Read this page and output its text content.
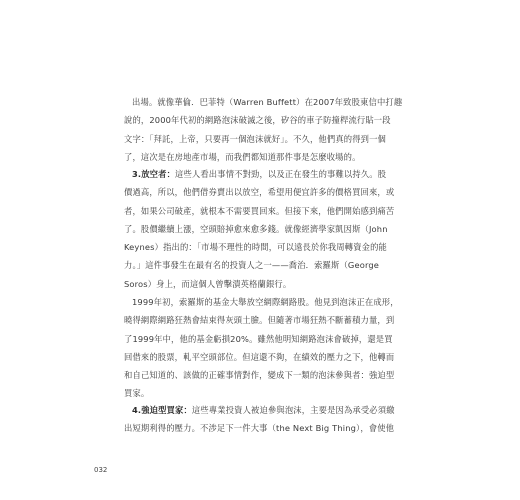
出場。就像華倫．巴菲特（Warren Buffett）在2007年致股東信中打趣
說的，2000年代初的網路泡沫破滅之後，矽谷的車子防撞桿流行貼一段
文字：「拜託，上帝，只要再一個泡沫就好」。不久，他們真的得到一個
了，這次是在房地產市場，而我們都知道那件事是怎麼收場的。
3.放空者：這些人看出事情不對勁，以及正在發生的事難以持久。股
價過高，所以，他們借券賣出以放空，希望用便宜許多的價格買回來，或
者，如果公司破產，就根本不需要買回來。但接下來，他們開始感到痛苦
了。股價繼續上漲，空頭賠掉愈來愈多錢。就像經濟學家凱因斯（John
Keynes）指出的：「市場不理性的時間，可以遠長於你我周轉資金的能
力。」這件事發生在最有名的投資人之一——喬治．索羅斯（George
Soros）身上，而這個人曾擊潰英格蘭銀行。
1999年初，索羅斯的基金大舉放空網際網路股。他見到泡沫正在成形，
曉得網際網路狂熱會結束得灰頭土臉。但隨著市場狂熱不斷蓄積力量，到
了1999年中，他的基金虧損20%。雖然他明知網路泡沫會破掉，還是買
回借來的股票，軋平空頭部位。但這還不夠，在績效的壓力之下，他轉而
和自己知道的、該做的正確事情對作，變成下一類的泡沫參與者：強迫型
買家。
4.強迫型買家：這些專業投資人被迫參與泡沫，主要是因為承受必須繳
出短期利得的壓力。不涉足下一件大事（the Next Big Thing），會使他
032
